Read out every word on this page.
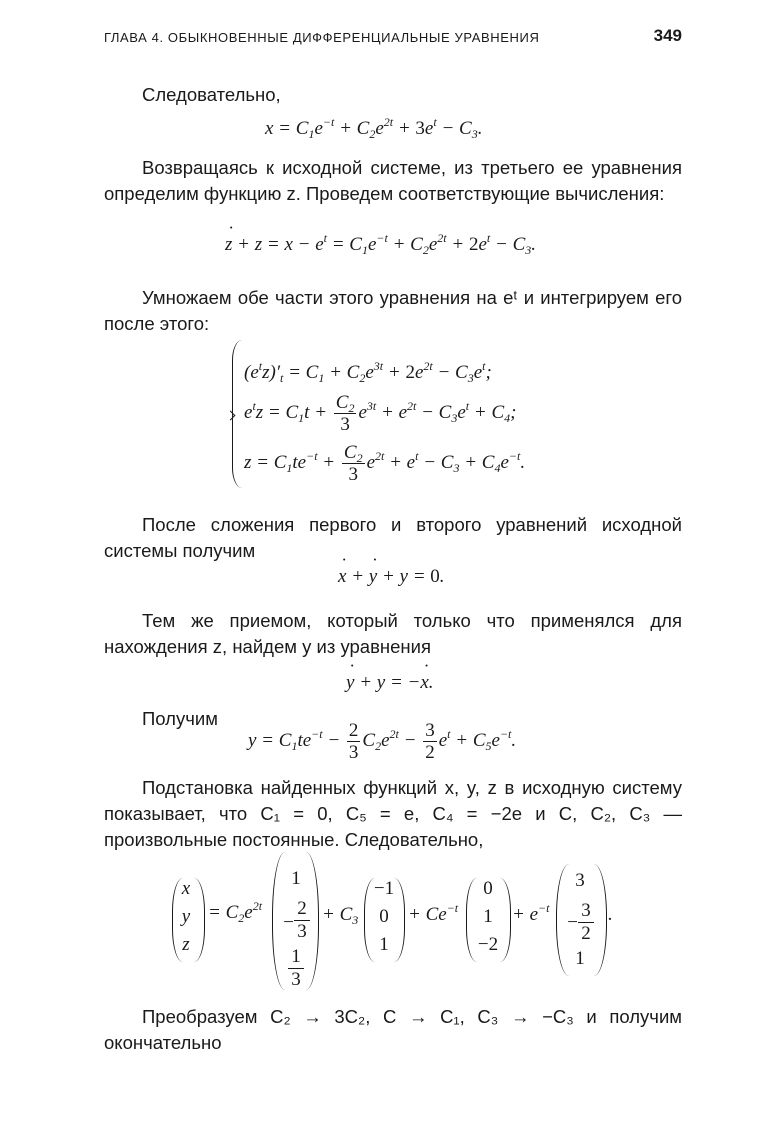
ГЛАВА 4. ОБЫКНОВЕННЫЕ ДИФФЕРЕНЦИАЛЬНЫЕ УРАВНЕНИЯ	349
Следовательно,
$x = C_1e^{-t} + C_2e^{2t} + 3e^t - C_3$.
Возвращаясь к исходной системе, из третьего ее уравнения определим функцию z. Проведем соответствующие вычисления:
˙ $z + z = x - e^t = C_1e^{-t} + C_2e^{2t} + 2e^t - C_3$.
Умножаем обе части этого уравнения на eᵗ и интегрируем его после этого:
$(e^tz)'_t = C_1 + C_2e^{3t} + 2e^{2t} - C_3e^t$;
$e^tz = C_1t + \frac{C_2}{3} e^{3t} + e^{2t} - C_3e^t + C_4$;
$z = C_1te^{-t} + \frac{C_2}{3} e^{2t} + e^t - C_3 + C_4e^{-t}$.
После сложения первого и второго уравнений исходной системы получим
˙ x + ˙ y + y = 0.
Тем же приемом, который только что применялся для нахождения z, найдем y из уравнения
˙ y + y = −˙ x.
Получим
$y = C_1te^{-t} - \frac{2}{3} C_2e^{2t} - \frac{3}{2} e^t + C_5e^{-t}$.
Подстановка найденных функций x, y, z в исходную систему показывает, что C₁ = 0, C₅ = e, C₄ = −2e и C, C₂, C₃ — произвольные постоянные. Следовательно,
x
y
z
= $C_2e^{2t}$
1
− $\frac{2}{3}$
$\frac{1}{3}$
+ $C_3$
−1
0
1
+ $Ce^{-t}$
0
1
−2
+ $e^{-t}$
3
− $\frac{3}{2}$
1
.
Преобразуем C₂ → 3C₂, C → C₁, C₃ → −C₃ и получим окончательно
